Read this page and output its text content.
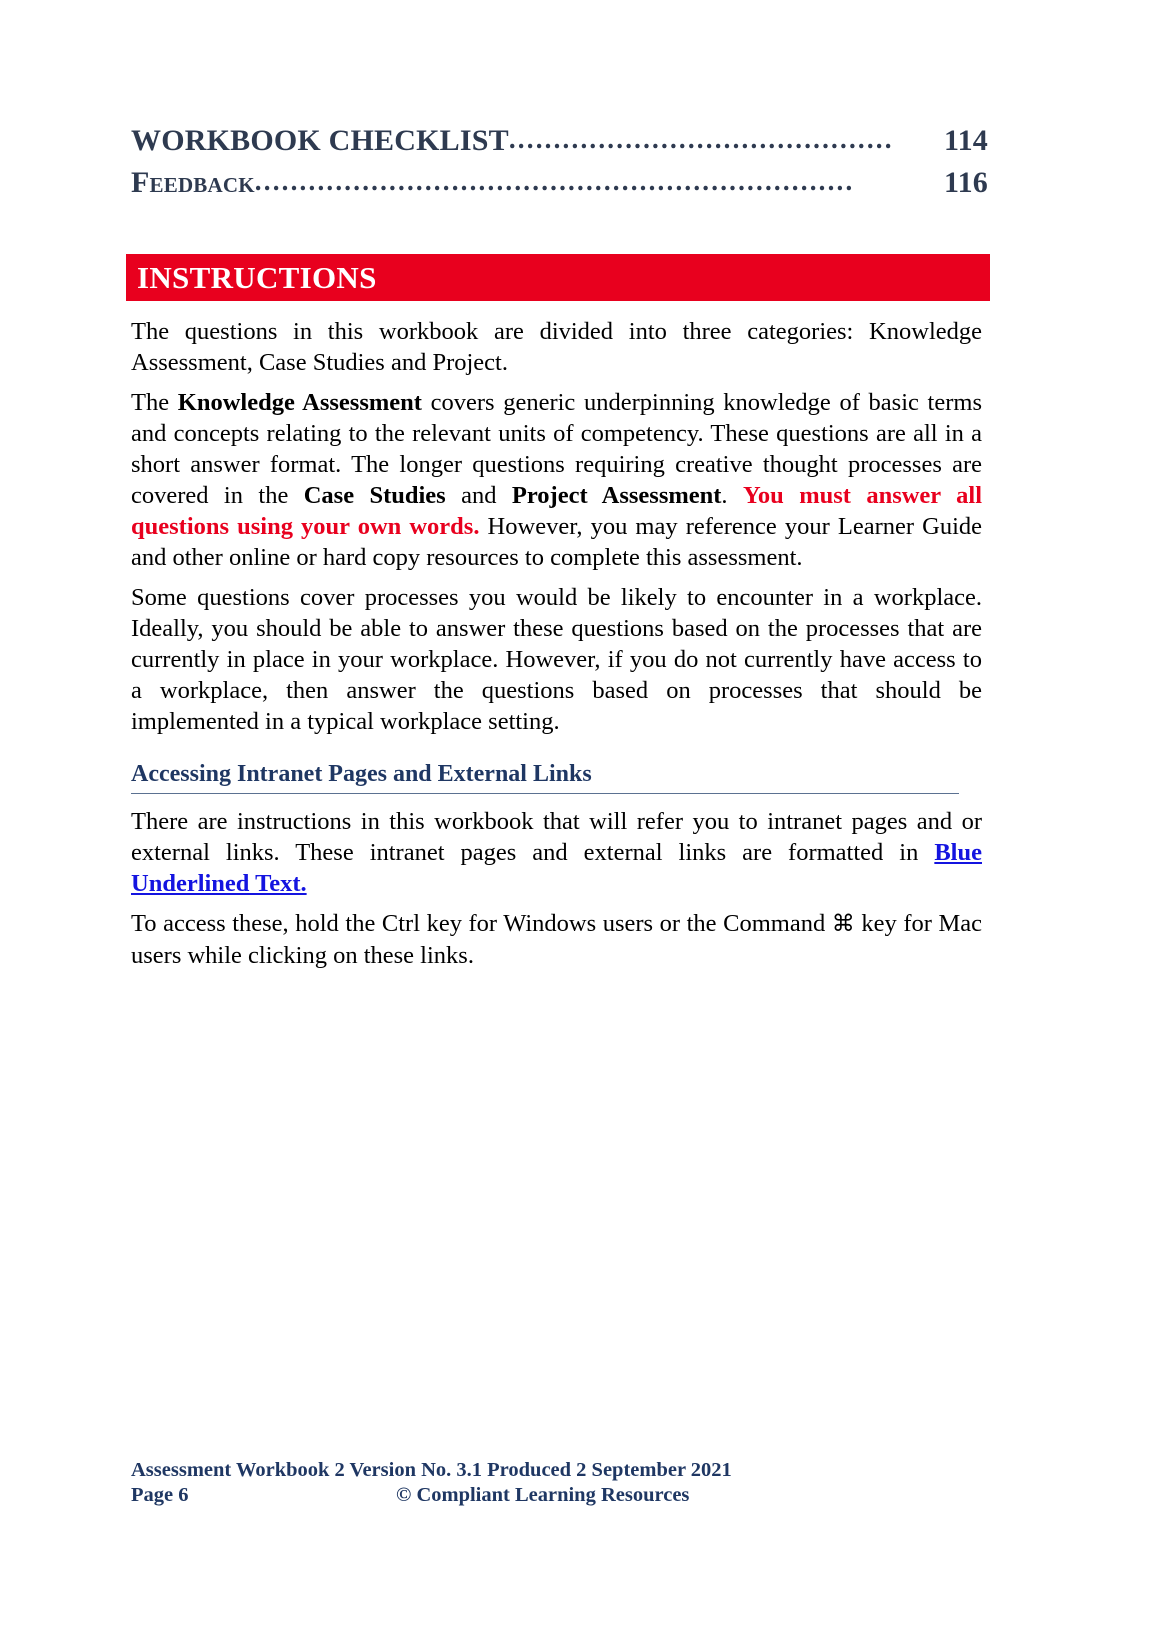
WORKBOOK CHECKLIST ...........................................	114
Feedback ...................................................................	116
INSTRUCTIONS

The questions in this workbook are divided into three categories: Knowledge Assessment, Case Studies and Project.

The Knowledge Assessment covers generic underpinning knowledge of basic terms and concepts relating to the relevant units of competency. These questions are all in a short answer format. The longer questions requiring creative thought processes are covered in the Case Studies and Project Assessment. You must answer all questions using your own words. However, you may reference your Learner Guide and other online or hard copy resources to complete this assessment.

Some questions cover processes you would be likely to encounter in a workplace. Ideally, you should be able to answer these questions based on the processes that are currently in place in your workplace. However, if you do not currently have access to a workplace, then answer the questions based on processes that should be implemented in a typical workplace setting.

Accessing Intranet Pages and External Links

There are instructions in this workbook that will refer you to intranet pages and or external links. These intranet pages and external links are formatted in Blue Underlined Text.

To access these, hold the Ctrl key for Windows users or the Command ⌘ key for Mac users while clicking on these links.

Assessment Workbook 2 Version No. 3.1 Produced 2 September 2021
Page 6	© Compliant Learning Resources
